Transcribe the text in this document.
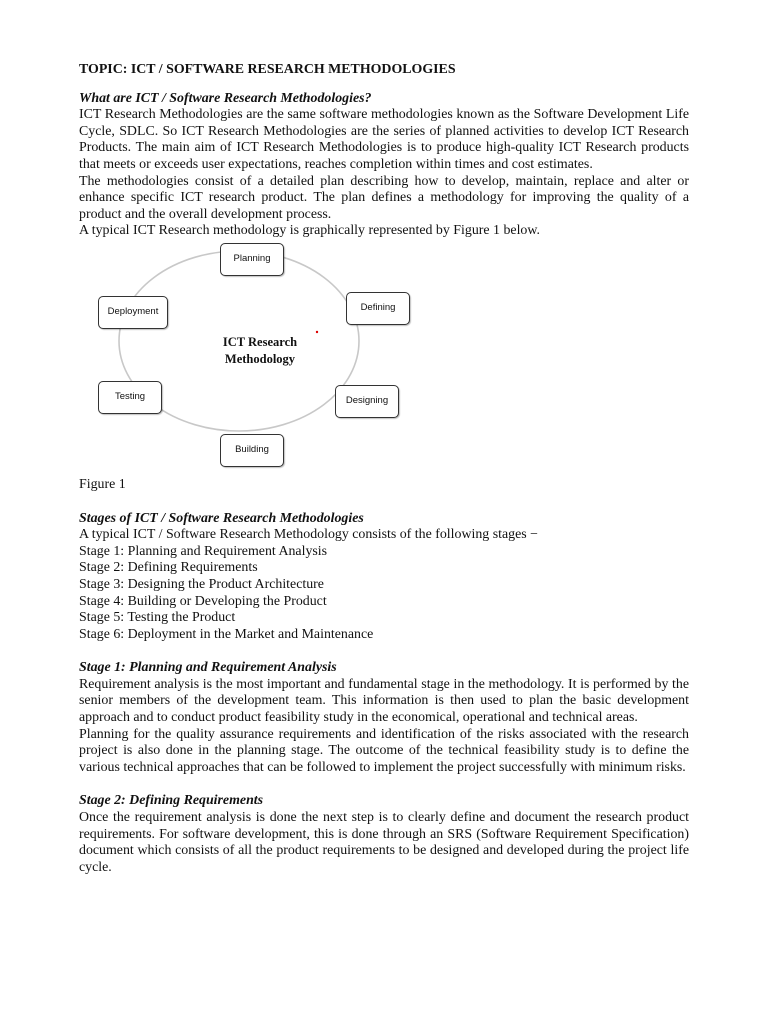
TOPIC: ICT / SOFTWARE RESEARCH METHODOLOGIES
What are ICT / Software Research Methodologies?

ICT Research Methodologies are the same software methodologies known as the Software Development Life Cycle, SDLC. So ICT Research Methodologies are the series of planned activities to develop ICT Research Products. The main aim of ICT Research Methodologies is to produce high-quality ICT Research products that meets or exceeds user expectations, reaches completion within times and cost estimates.

The methodologies consist of a detailed plan describing how to develop, maintain, replace and alter or enhance specific ICT research product. The plan defines a methodology for improving the quality of a product and the overall development process.

A typical ICT Research methodology is graphically represented by Figure 1 below.

Planning
Defining
Designing
Building
Testing
Deployment
ICT Research
Methodology
Figure 1
Stages of ICT / Software Research Methodologies
A typical ICT / Software Research Methodology consists of the following stages −
Stage 1: Planning and Requirement Analysis
Stage 2: Defining Requirements
Stage 3: Designing the Product Architecture
Stage 4: Building or Developing the Product
Stage 5: Testing the Product
Stage 6: Deployment in the Market and Maintenance
Stage 1: Planning and Requirement Analysis

Requirement analysis is the most important and fundamental stage in the methodology. It is performed by the senior members of the development team. This information is then used to plan the basic development approach and to conduct product feasibility study in the economical, operational and technical areas.

Planning for the quality assurance requirements and identification of the risks associated with the research project is also done in the planning stage. The outcome of the technical feasibility study is to define the various technical approaches that can be followed to implement the project successfully with minimum risks.

Stage 2: Defining Requirements

Once the requirement analysis is done the next step is to clearly define and document the research product requirements. For software development, this is done through an SRS (Software Requirement Specification) document which consists of all the product requirements to be designed and developed during the project life cycle.
